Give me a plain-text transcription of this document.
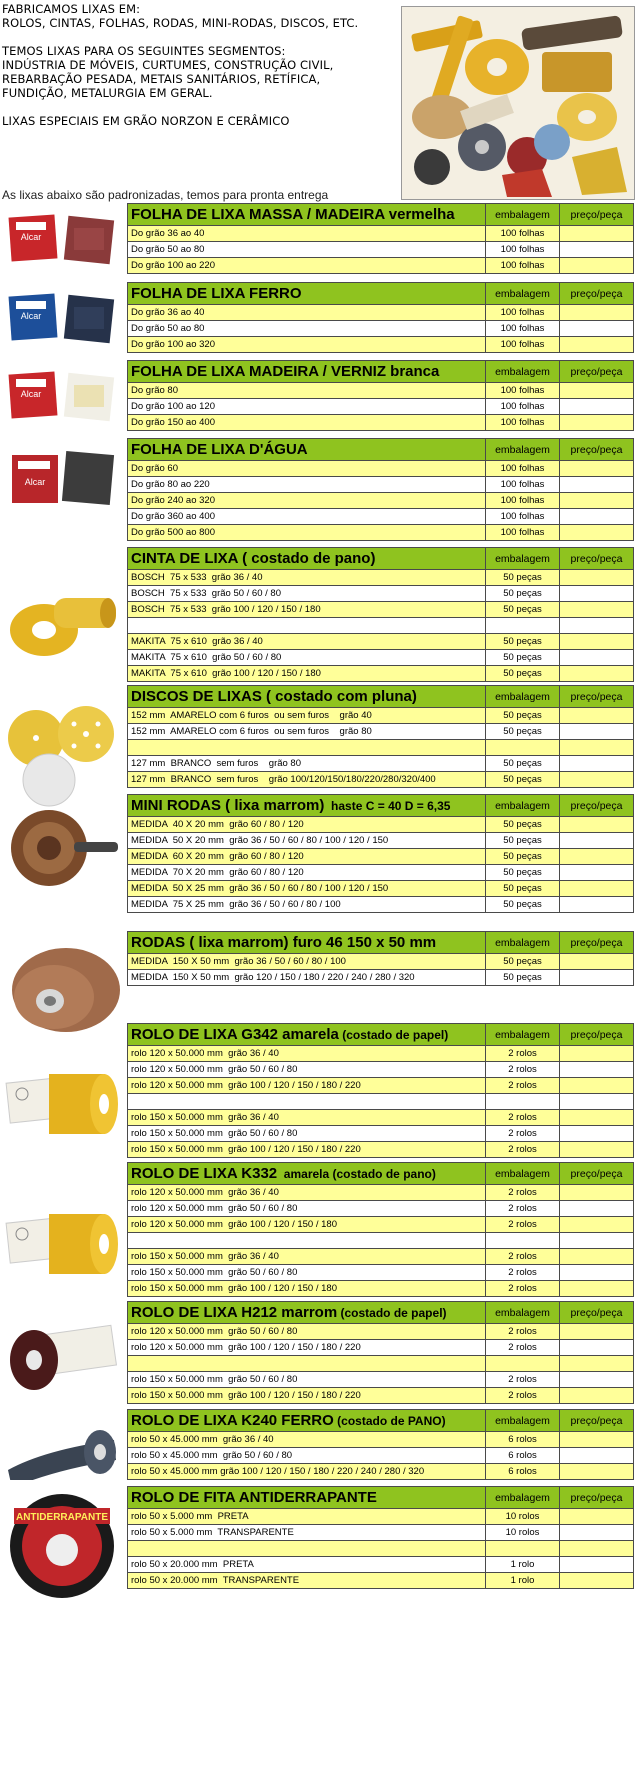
FABRICAMOS LIXAS EM:
ROLOS, CINTAS, FOLHAS, RODAS, MINI-RODAS, DISCOS, ETC.
TEMOS LIXAS PARA OS SEGUINTES SEGMENTOS:
INDÚSTRIA DE MÓVEIS, CURTUMES, CONSTRUÇÃO CIVIL,
REBARBAÇÃO PESADA, METAIS SANITÁRIOS, RETÍFICA,
FUNDIÇÃO, METALURGIA EM GERAL.
LIXAS ESPECIAIS EM GRÃO NORZON E CERÂMICO
As lixas abaixo são padronizadas, temos para pronta entrega
Alcar
FOLHA DE LIXA MASSA / MADEIRA vermelha	embalagem	preço/peça
Do grão 36 ao 40	100 folhas	
Do grão 50 ao 80	100 folhas	
Do grão 100 ao 220	100 folhas	
Alcar
FOLHA DE LIXA FERRO	embalagem	preço/peça
Do grão 36 ao 40	100 folhas	
Do grão 50 ao 80	100 folhas	
Do grão 100 ao 320	100 folhas	
Alcar
FOLHA DE LIXA MADEIRA / VERNIZ branca	embalagem	preço/peça
Do grão 80	100 folhas	
Do grão 100 ao 120	100 folhas	
Do grão 150 ao 400	100 folhas	
Alcar
FOLHA DE LIXA D'ÁGUA	embalagem	preço/peça
Do grão 60	100 folhas	
Do grão 80 ao 220	100 folhas	
Do grão 240 ao 320	100 folhas	
Do grão 360 ao 400	100 folhas	
Do grão 500 ao 800	100 folhas	
CINTA DE LIXA ( costado de pano)	embalagem	preço/peça
BOSCH  75 x 533  grão 36 / 40	50 peças	
BOSCH  75 x 533  grão 50 / 60 / 80	50 peças	
BOSCH  75 x 533  grão 100 / 120 / 150 / 180	50 peças	

MAKITA  75 x 610  grão 36 / 40	50 peças	
MAKITA  75 x 610  grão 50 / 60 / 80	50 peças	
MAKITA  75 x 610  grão 100 / 120 / 150 / 180	50 peças	
DISCOS DE LIXAS ( costado com pluna)	embalagem	preço/peça
152 mm  AMARELO com 6 furos  ou sem furos    grão 40	50 peças	
152 mm  AMARELO com 6 furos  ou sem furos    grão 80	50 peças	

127 mm  BRANCO  sem furos    grão 80	50 peças	
127 mm  BRANCO  sem furos    grão 100/120/150/180/220/280/320/400	50 peças	
MINI RODAS ( lixa marrom)  haste C = 40 D = 6,35	embalagem	preço/peça
MEDIDA  40 X 20 mm  grão 60 / 80 / 120	50 peças	
MEDIDA  50 X 20 mm  grão 36 / 50 / 60 / 80 / 100 / 120 / 150	50 peças	
MEDIDA  60 X 20 mm  grão 60 / 80 / 120	50 peças	
MEDIDA  70 X 20 mm  grão 60 / 80 / 120	50 peças	
MEDIDA  50 X 25 mm  grão 36 / 50 / 60 / 80 / 100 / 120 / 150	50 peças	
MEDIDA  75 X 25 mm  grão 36 / 50 / 60 / 80 / 100	50 peças	
RODAS ( lixa marrom) furo 46 150 x 50 mm	embalagem	preço/peça
MEDIDA  150 X 50 mm  grão 36 / 50 / 60 / 80 / 100	50 peças	
MEDIDA  150 X 50 mm  grão 120 / 150 / 180 / 220 / 240 / 280 / 320	50 peças	
ROLO DE LIXA G342 amarela (costado de papel)	embalagem	preço/peça
rolo 120 x 50.000 mm  grão 36 / 40	2 rolos	
rolo 120 x 50.000 mm  grão 50 / 60 / 80	2 rolos	
rolo 120 x 50.000 mm  grão 100 / 120 / 150 / 180 / 220	2 rolos	

rolo 150 x 50.000 mm  grão 36 / 40	2 rolos	
rolo 150 x 50.000 mm  grão 50 / 60 / 80	2 rolos	
rolo 150 x 50.000 mm  grão 100 / 120 / 150 / 180 / 220	2 rolos	
ROLO DE LIXA K332  amarela (costado de pano)	embalagem	preço/peça
rolo 120 x 50.000 mm  grão 36 / 40	2 rolos	
rolo 120 x 50.000 mm  grão 50 / 60 / 80	2 rolos	
rolo 120 x 50.000 mm  grão 100 / 120 / 150 / 180	2 rolos	

rolo 150 x 50.000 mm  grão 36 / 40	2 rolos	
rolo 150 x 50.000 mm  grão 50 / 60 / 80	2 rolos	
rolo 150 x 50.000 mm  grão 100 / 120 / 150 / 180	2 rolos	
ROLO DE LIXA H212 marrom (costado de papel)	embalagem	preço/peça
rolo 120 x 50.000 mm  grão 50 / 60 / 80	2 rolos	
rolo 120 x 50.000 mm  grão 100 / 120 / 150 / 180 / 220	2 rolos	

rolo 150 x 50.000 mm  grão 50 / 60 / 80	2 rolos	
rolo 150 x 50.000 mm  grão 100 / 120 / 150 / 180 / 220	2 rolos	
ROLO DE LIXA K240 FERRO (costado de PANO)	embalagem	preço/peça
rolo 50 x 45.000 mm  grão 36 / 40	6 rolos	
rolo 50 x 45.000 mm  grão 50 / 60 / 80	6 rolos	
rolo 50 x 45.000 mm grão 100 / 120 / 150 / 180 / 220 / 240 / 280 / 320	6 rolos	
ANTIDERRAPANTE
ROLO DE FITA ANTIDERRAPANTE	embalagem	preço/peça
rolo 50 x 5.000 mm  PRETA	10 rolos	
rolo 50 x 5.000 mm  TRANSPARENTE	10 rolos	

rolo 50 x 20.000 mm  PRETA	1 rolo	
rolo 50 x 20.000 mm  TRANSPARENTE	1 rolo	
